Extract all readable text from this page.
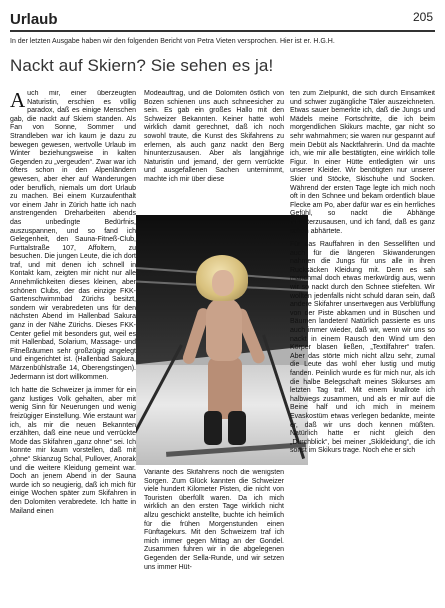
Urlaub	205
In der letzten Ausgabe haben wir den folgenden Bericht von Petra Vieten versprochen. Hier ist er. H.G.H.
Nackt auf Skiern? Sie sehen es ja!

Auch mir, einer überzeugten Naturistin, erschien es völlig paradox, daß es einige Menschen gab, die nackt auf Skiern standen. Als Fan von Sonne, Sommer und Strandleben war ich kaum je dazu zu bewegen gewesen, wertvolle Urlaub im Winter beziehungsweise in kalten Gegenden zu „vergeuden“. Zwar war ich öfters schon in den Alpenländern gewesen, aber eher auf Wanderungen oder beruflich, niemals um dort Urlaub zu machen. Bei einem Kurzaufenthalt vor einem Jahr in Zürich hatte ich nach anstrengenden Dreharbeiten abends das unbedingte Bedürfnis, auszuspannen, und so fand ich Gelegenheit, den Sauna-Fitneß-Club, Furttalstraße 107, Affoltern, zu besuchen. Die jungen Leute, die ich dort traf, und mit denen ich schnell in Kontakt kam, zeigten mir nicht nur alle Annehmlichkeiten dieses kleinen, aber schönen Clubs, der das einzige FKK-Gartenschwimmbad Zürichs besitzt, sondern wir verabredeten uns für den nächsten Abend im Hallenbad Sakura ganz in der Nähe Zürichs. Dieses FKK-Center gefiel mit besonders gut, weil es mit Hallenbad, Solarium, Massage- und Fitneßräumen sehr großzügig angelegt und eingerichtet ist. (Hallenbad Sakura, Märzenbühlstraße 14, Oberengstingen). Jedermann ist dort willkommen.

Ich hatte die Schweizer ja immer für ein ganz lustiges Volk gehalten, aber mit wenig Sinn für Neuerungen und wenig freizügiger Einstellung. Wie erstaunt war ich, als mir die neuen Bekannten erzählten, daß eine neue und verrückte Mode das Skifahren „ganz ohne“ sei. Ich konnte mir kaum vorstellen, daß mit „ohne“ Skianzug Schal, Pullover, Anorak und die weitere Kleidung gemeint war. Doch an jenem Abend in der Sauna wurde ich so neugierig, daß ich mich für einige Wochen später zum Skifahren in den Dolomiten verabredete. Ich hatte in Mailand einen

Modeauftrag, und die Dolomiten östlich von Bozen schienen uns auch schneesicher zu sein. Es gab ein großes Hallo mit den Schweizer Bekannten. Keiner hatte wohl wirklich damit gerechnet, daß ich noch sowohl traute, die Kunst des Skifahrens zu erlernen, als auch ganz nackt den Berg hinunterzusausen. Aber als langjährige Naturistin und jemand, der gern verrückte und ausgefallenen Sachen unternimmt, machte ich mir über diese

Variante des Skifahrens noch die wenigsten Sorgen. Zum Glück kannten die Schweizer viele hundert Kilometer Pisten, die nicht von Touristen überfüllt waren. Da ich mich wirklich an den ersten Tage wirklich nicht allzu geschickt anstellte, buchte ich heimlich für die frühen Morgenstunden einen Fünftagekurs. Mit den Schweizern traf ich mich immer gegen Mittag an der Gondel. Zusammen fuhren wir in die abgelegenen Gegenden der Sella-Runde, und wir setzen uns immer Hüt-

ten zum Zielpunkt, die sich durch Einsamkeit und schwer zugängliche Täler auszeichneten. Etwas sauer bemerkte ich, daß die Jungs und Mädels meine Fortschritte, die ich beim morgendlichen Skikurs machte, gar nicht so sehr wahrnahmen; sie waren nur gespannt auf mein Debüt als Nacktfahrerin. Und da machte ich, wie mir alle bestätigten, eine wirklich tolle Figur. In einer Hütte entledigten wir uns unserer Kleider. Wir benötigten nur unserer Skier und Stöcke, Skischuhe und Socken. Während der ersten Tage legte ich mich noch oft in den Schnee und bekam ordentlich blaue Flecke am Po, aber dafür war es ein herrliches Gefühl, so nackt die Abhänge hinunterzusausen, und ich fand, daß es ganz schön abhärtete.

Für das Rauffahren in den Sesselliften und auch für die längeren Skiwanderungen nahmen die Jungs für uns alle in ihren Rucksäcken Kleidung mit. Denn es sah manchmal doch etwas merkwürdig aus, wenn wir so nackt durch den Schnee stiefelten. Wir wollten jedenfalls nicht schuld daran sein, daß andere Skifahrer unsertwegen aus Verblüffung von der Piste abkamen und in Büschen und Bäumen landeten! Natürlich passierte es uns auch immer wieder, daß wir, wenn wir uns so nackt in einem Rausch den Wind um den Körper blasen ließen, „Textilfahrer“ trafen. Aber das störte mich nicht allzu sehr, zumal die Leute das wohl eher lustig und mutig fanden. Peinlich wurde es für mich nur, als ich die halbe Belegschaft meines Skikurses am letzten Tag traf. Mit einem knallrote ich halbwegs zusammen, und als er mir auf die Beine half und ich mich in meinem Evaskostüm etwas verlegen bedankte, meinte er, daß wir uns doch kennen müßten. Natürlich hatte er nicht gleich den „Durchblick“, bei meiner „Skikleidung“, die ich sonst im Skikurs trage. Noch ehe er sich
